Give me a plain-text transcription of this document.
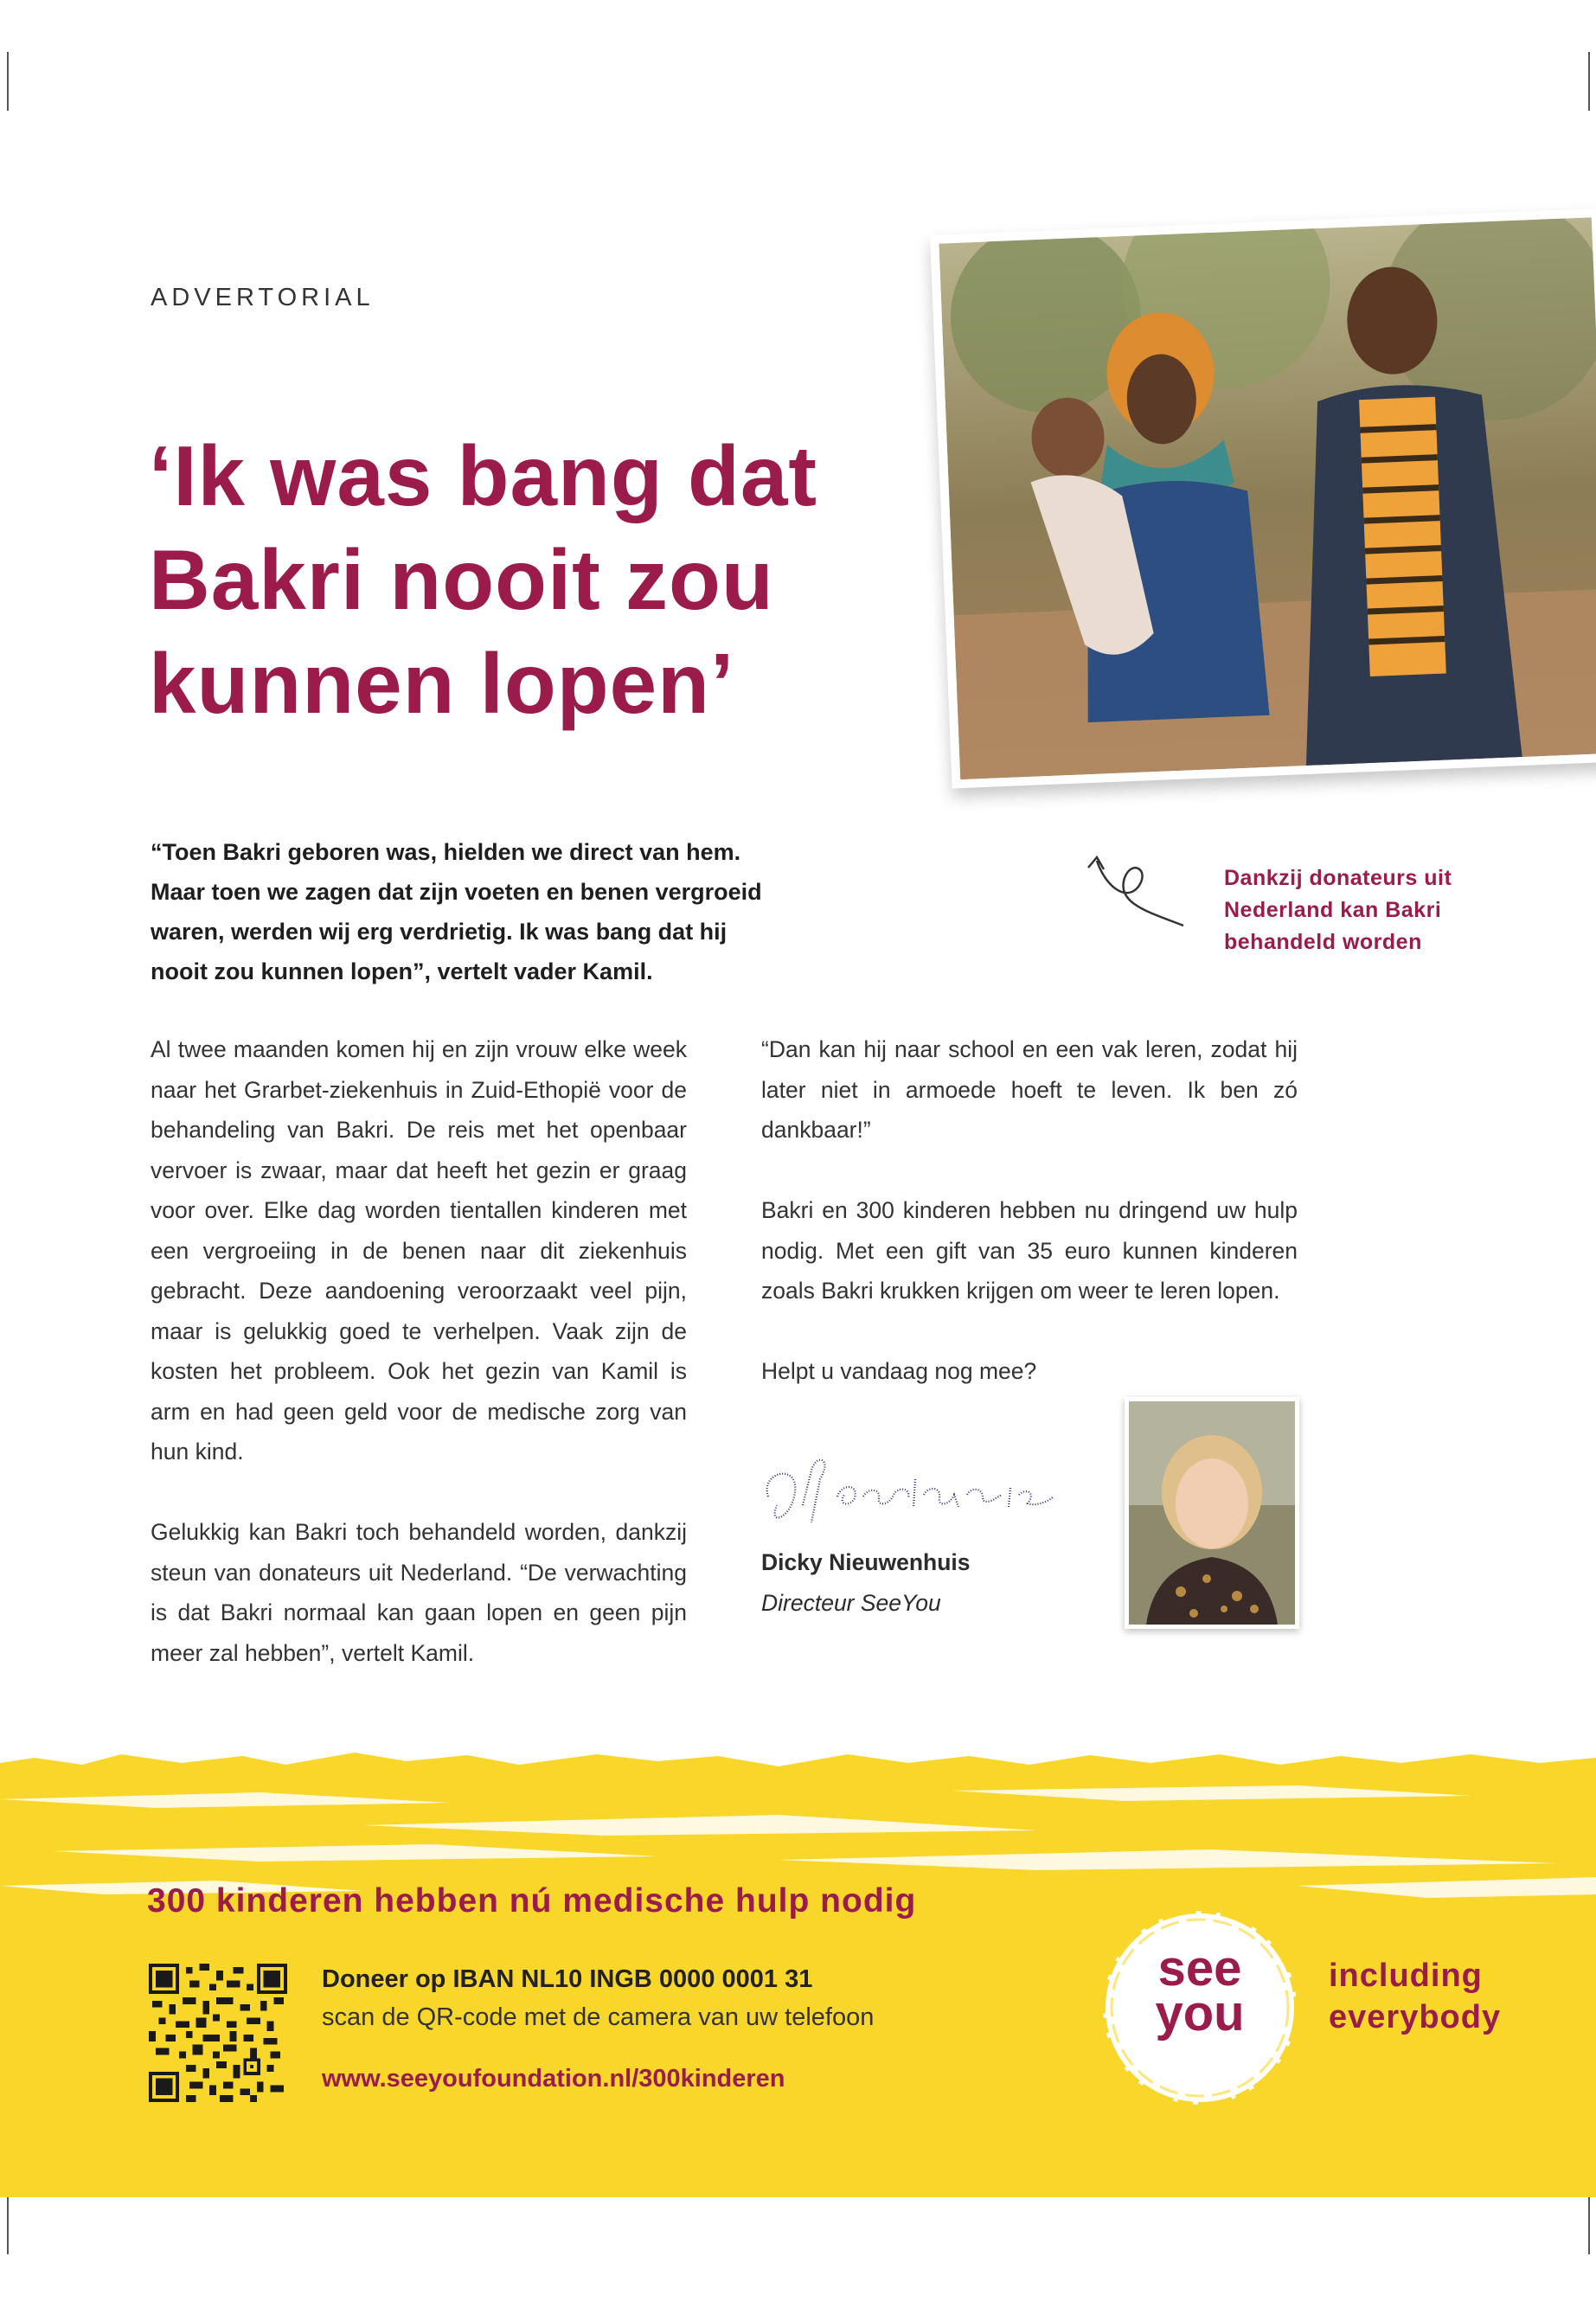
ADVERTORIAL
‘Ik was bang dat
Bakri nooit zou
kunnen lopen’
“Toen Bakri geboren was, hielden we direct van hem.
Maar toen we zagen dat zijn voeten en benen vergroeid
waren, werden wij erg verdrietig. Ik was bang dat hij
nooit zou kunnen lopen”, vertelt vader Kamil.
Dankzij donateurs uit
Nederland kan Bakri
behandeld worden

Al twee maanden komen hij en zijn vrouw elke week naar het Grarbet-ziekenhuis in Zuid-Ethopië voor de behandeling van Bakri. De reis met het openbaar vervoer is zwaar, maar dat heeft het gezin er graag voor over. Elke dag worden tientallen kinderen met een vergroeiing in de benen naar dit ziekenhuis gebracht. Deze aandoening veroorzaakt veel pijn, maar is gelukkig goed te verhelpen. Vaak zijn de kosten het probleem. Ook het gezin van Kamil is arm en had geen geld voor de medische zorg van hun kind.

Gelukkig kan Bakri toch behandeld worden, dankzij steun van donateurs uit Nederland. “De verwachting is dat Bakri normaal kan gaan lopen en geen pijn meer zal hebben”, vertelt Kamil.

“Dan kan hij naar school en een vak leren, zodat hij later niet in armoede hoeft te leven. Ik ben zó dankbaar!”

Bakri en 300 kinderen hebben nu dringend uw hulp nodig. Met een gift van 35 euro kunnen kinderen zoals Bakri krukken krijgen om weer te leren lopen.

Helpt u vandaag nog mee?

Dicky Nieuwenhuis
Directeur SeeYou
300 kinderen hebben nú medische hulp nodig
Doneer op IBAN NL10 INGB 0000 0001 31
scan de QR-code met de camera van uw telefoon
www.seeyoufoundation.nl/300kinderen
see
you
including
everybody
